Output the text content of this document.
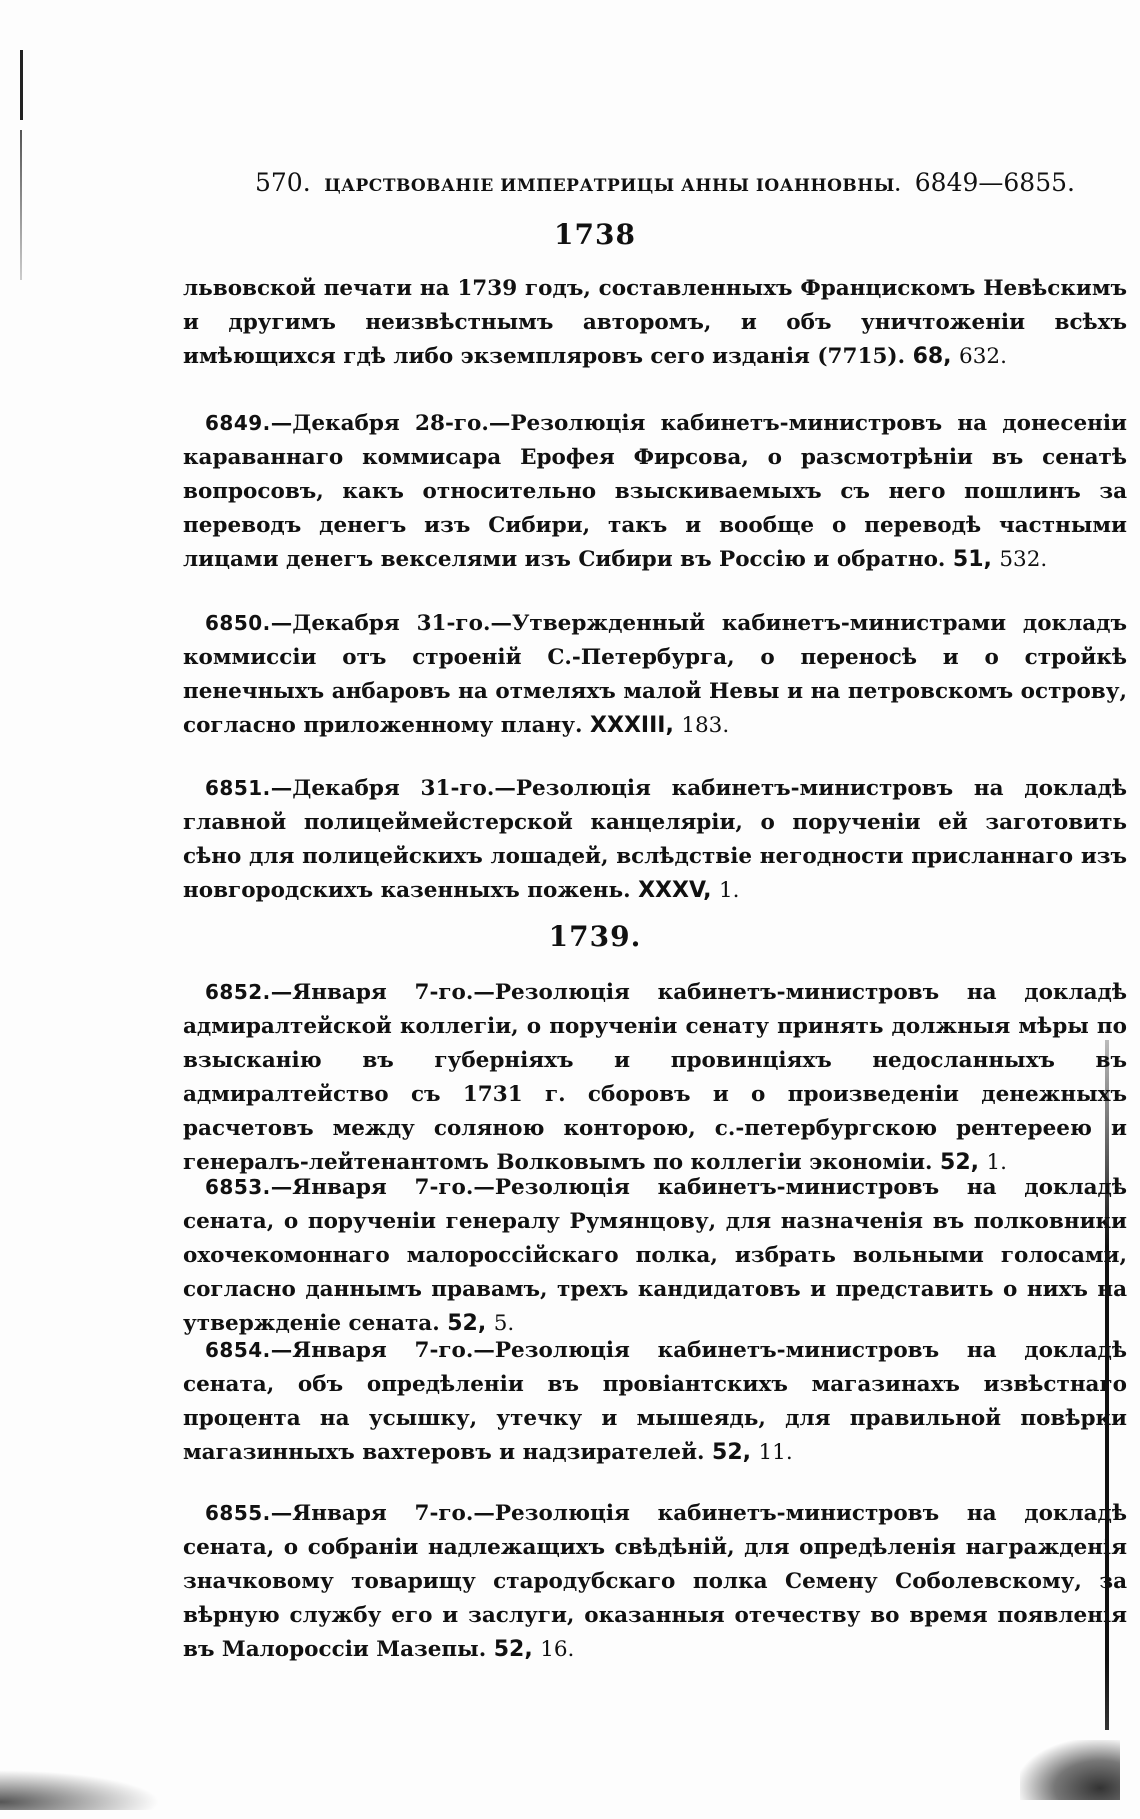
570. ЦАРСТВОВАНІЕ ИМПЕРАТРИЦЫ АННЫ ІОАННОВНЫ. 6849—6855.
1738
львовской печати на 1739 годъ, составленныхъ Францискомъ Невѣскимъ и другимъ неизвѣстнымъ авторомъ, и объ уничтоженіи всѣхъ имѣющихся гдѣ либо экземпляровъ сего изданія (7715). 68, 632.
6849.—Декабря 28-го.—Резолюція кабинетъ-министровъ на донесеніи караваннаго коммисара Ерофея Фирсова, о разсмотрѣніи въ сенатѣ вопросовъ, какъ относительно взыскиваемыхъ съ него пошлинъ за переводъ денегъ изъ Сибири, такъ и вообще о переводѣ частными лицами денегъ векселями изъ Сибири въ Россію и обратно. 51, 532.
6850.—Декабря 31-го.—Утвержденный кабинетъ-министрами докладъ коммиссіи отъ строеній С.-Петербурга, о переносѣ и о стройкѣ пенечныхъ анбаровъ на отмеляхъ малой Невы и на петровскомъ острову, согласно приложенному плану. XXXIII, 183.
6851.—Декабря 31-го.—Резолюція кабинетъ-министровъ на докладѣ главной полицеймейстерской канцеляріи, о порученіи ей заготовить сѣно для полицейскихъ лошадей, вслѣдствіе негодности присланнаго изъ новгородскихъ казенныхъ пожень. XXXV, 1.
1739.
6852.—Января 7-го.—Резолюція кабинетъ-министровъ на докладѣ адмиралтейской коллегіи, о порученіи сенату принять должныя мѣры по взысканію въ губерніяхъ и провинціяхъ недосланныхъ въ адмиралтейство съ 1731 г. сборовъ и о произведеніи денежныхъ расчетовъ между соляною конторою, с.-петербургскою рентереею и генералъ-лейтенантомъ Волковымъ по коллегіи экономіи. 52, 1.
6853.—Января 7-го.—Резолюція кабинетъ-министровъ на докладѣ сената, о порученіи генералу Румянцову, для назначенія въ полковники охочекомоннаго малороссійскаго полка, избрать вольными голосами, согласно даннымъ правамъ, трехъ кандидатовъ и представить о нихъ на утвержденіе сената. 52, 5.
6854.—Января 7-го.—Резолюція кабинетъ-министровъ на докладѣ сената, объ опредѣленіи въ провіантскихъ магазинахъ извѣстнаго процента на усышку, утечку и мышеядь, для правильной повѣрки магазинныхъ вахтеровъ и надзирателей. 52, 11.
6855.—Января 7-го.—Резолюція кабинетъ-министровъ на докладѣ сената, о собраніи надлежащихъ свѣдѣній, для опредѣленія награжденія значковому товарищу стародубскаго полка Семену Соболевскому, за вѣрную службу его и заслуги, оказанныя отечеству во время появленія въ Малороссіи Мазепы. 52, 16.
